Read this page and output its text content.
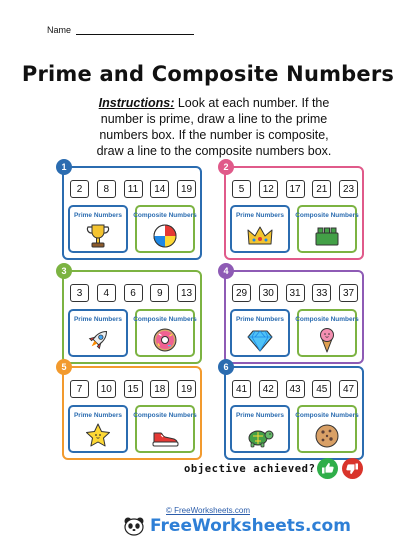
Name
Prime and Composite Numbers
Instructions: Look at each number. If the number is prime, draw a line to the prime numbers box. If the number is composite, draw a line to the composite numbers box.
1
2	8	11	14	19
Prime Numbers Composite Numbers
2
5	12	17	21	23
Prime Numbers Composite Numbers
3
3	4	6	9	13
Prime Numbers Composite Numbers
4
29	30	31	33	37
Prime Numbers Composite Numbers
5
7	10	15	18	19
Prime Numbers Composite Numbers
6
41	42	43	45	47
Prime Numbers Composite Numbers
objective achieved?
© FreeWorksheets.com
FreeWorksheets.com
